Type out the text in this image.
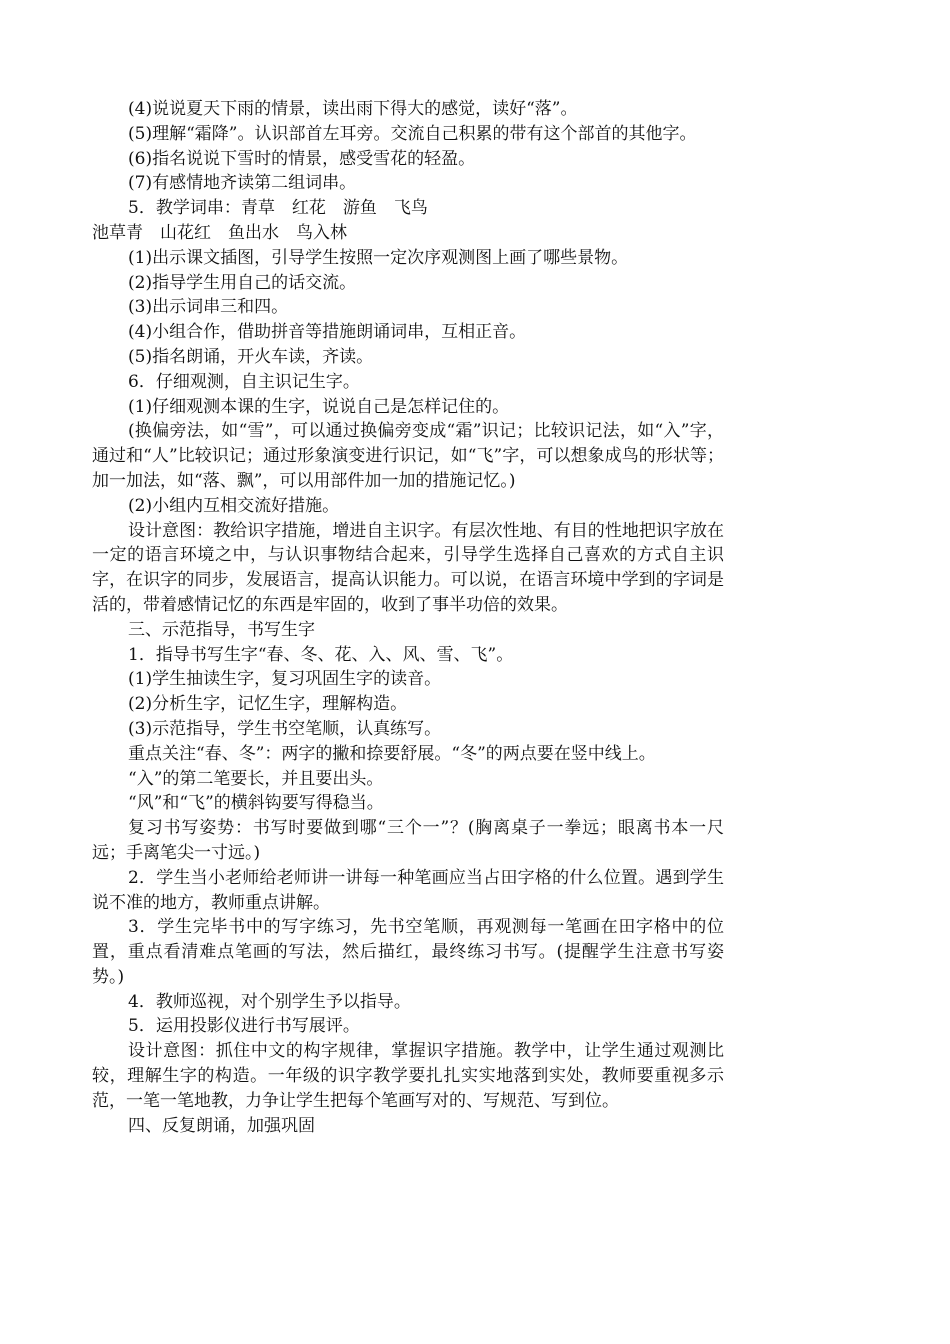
(4)说说夏天下雨的情景，读出雨下得大的感觉，读好“落”。

(5)理解“霜降”。认识部首左耳旁。交流自己积累的带有这个部首的其他字。

(6)指名说说下雪时的情景，感受雪花的轻盈。

(7)有感情地齐读第二组词串。

5．教学词串：青草　红花　游鱼　飞鸟

池草青　山花红　鱼出水　鸟入林

(1)出示课文插图，引导学生按照一定次序观测图上画了哪些景物。

(2)指导学生用自己的话交流。

(3)出示词串三和四。

(4)小组合作，借助拼音等措施朗诵词串，互相正音。

(5)指名朗诵，开火车读，齐读。

6．仔细观测，自主识记生字。

(1)仔细观测本课的生字，说说自己是怎样记住的。

(换偏旁法，如“雪”，可以通过换偏旁变成“霜”识记；比较识记法，如“入”字，通过和“人”比较识记；通过形象演变进行识记，如“飞”字，可以想象成鸟的形状等；加一加法，如“落、飘”，可以用部件加一加的措施记忆。)

(2)小组内互相交流好措施。

设计意图：教给识字措施，增进自主识字。有层次性地、有目的性地把识字放在一定的语言环境之中，与认识事物结合起来，引导学生选择自己喜欢的方式自主识字，在识字的同步，发展语言，提高认识能力。可以说，在语言环境中学到的字词是活的，带着感情记忆的东西是牢固的，收到了事半功倍的效果。

三、示范指导，书写生字

1．指导书写生字“春、冬、花、入、风、雪、飞”。

(1)学生抽读生字，复习巩固生字的读音。

(2)分析生字，记忆生字，理解构造。

(3)示范指导，学生书空笔顺，认真练写。

重点关注“春、冬”：两字的撇和捺要舒展。“冬”的两点要在竖中线上。

“入”的第二笔要长，并且要出头。

“风”和“飞”的横斜钩要写得稳当。

复习书写姿势：书写时要做到哪“三个一”？(胸离桌子一拳远；眼离书本一尺远；手离笔尖一寸远。)

2．学生当小老师给老师讲一讲每一种笔画应当占田字格的什么位置。遇到学生说不准的地方，教师重点讲解。

3．学生完毕书中的写字练习，先书空笔顺，再观测每一笔画在田字格中的位置，重点看清难点笔画的写法，然后描红，最终练习书写。(提醒学生注意书写姿势。)

4．教师巡视，对个别学生予以指导。

5．运用投影仪进行书写展评。

设计意图：抓住中文的构字规律，掌握识字措施。教学中，让学生通过观测比较，理解生字的构造。一年级的识字教学要扎扎实实地落到实处，教师要重视多示范，一笔一笔地教，力争让学生把每个笔画写对的、写规范、写到位。

四、反复朗诵，加强巩固
